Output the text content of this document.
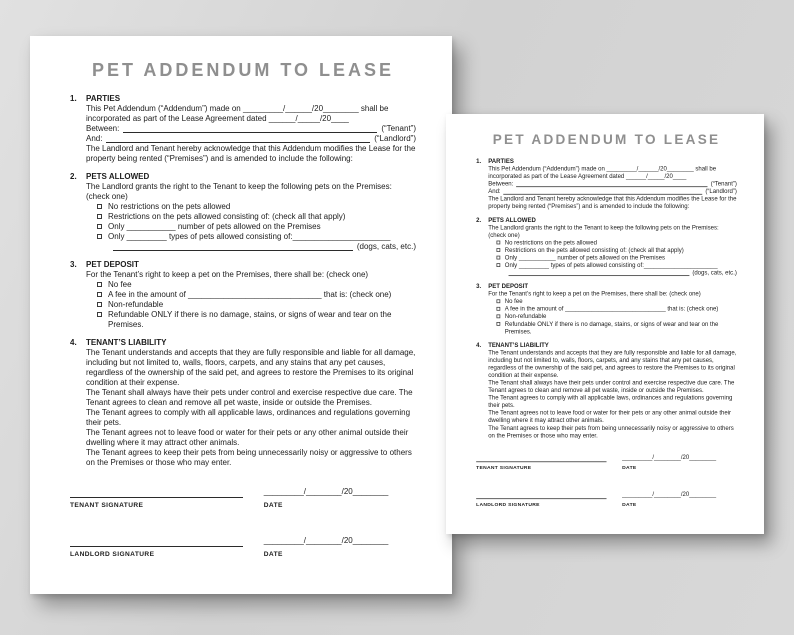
PET ADDENDUM TO LEASE
1.	PARTIES
This Pet Addendum (“Addendum”) made on _________/______/20________ shall be incorporated as part of the Lease Agreement dated ______/_____/20____
Between:	(“Tenant”)
And:	(“Landlord”)
The Landlord and Tenant hereby acknowledge that this Addendum modifies the Lease for the property being rented (“Premises”) and is amended to include the following:
2.	PETS ALLOWED
The Landlord grants the right to the Tenant to keep the following pets on the Premises: (check one)
No restrictions on the pets allowed
Restrictions on the pets allowed consisting of: (check all that apply)
Only ___________ number of pets allowed on the Premises
Only _________ types of pets allowed consisting of:______________________
(dogs, cats, etc.)
3.	PET DEPOSIT
For the Tenant’s right to keep a pet on the Premises, there shall be: (check one)
No fee
A fee in the amount of ______________________________ that is: (check one)
Non-refundable
Refundable ONLY if there is no damage, stains, or signs of wear and tear on the Premises.
4.	TENANT’S LIABILITY
The Tenant understands and accepts that they are fully responsible and liable for all damage, including but not limited to, walls, floors, carpets, and any stains that any pet causes, regardless of the ownership of the said pet, and agrees to restore the Premises to its original condition at their expense.
The Tenant shall always have their pets under control and exercise respective due care. The Tenant agrees to clean and remove all pet waste, inside or outside the Premises.
The Tenant agrees to comply with all applicable laws, ordinances and regulations governing their pets.
The Tenant agrees not to leave food or water for their pets or any other animal outside their dwelling where it may attract other animals.
The Tenant agrees to keep their pets from being unnecessarily noisy or aggressive to others on the Premises or those who may enter.
TENANT SIGNATURE
_________/________/20________
DATE
LANDLORD SIGNATURE
_________/________/20________
DATE
PET ADDENDUM TO LEASE
1. PARTIES
This Pet Addendum (“Addendum”) made on _________/______/20________ shall be incorporated as part of the Lease Agreement dated ______/_____/20____
Between:	(“Tenant”)
And:	(“Landlord”)
The Landlord and Tenant hereby acknowledge that this Addendum modifies the Lease for the property being rented (“Premises”) and is amended to include the following:
2. PETS ALLOWED
The Landlord grants the right to the Tenant to keep the following pets on the Premises: (check one)
No restrictions on the pets allowed
Restrictions on the pets allowed consisting of: (check all that apply)
Only ___________ number of pets allowed on the Premises
Only _________ types of pets allowed consisting of:______________________
(dogs, cats, etc.)
3. PET DEPOSIT
For the Tenant’s right to keep a pet on the Premises, there shall be: (check one)
No fee
A fee in the amount of ______________________________ that is: (check one)
Non-refundable
Refundable ONLY if there is no damage, stains, or signs of wear and tear on the Premises.
4. TENANT’S LIABILITY
The Tenant understands and accepts that they are fully responsible and liable for all damage, including but not limited to, walls, floors, carpets, and any stains that any pet causes, regardless of the ownership of the said pet, and agrees to restore the Premises to its original condition at their expense.
The Tenant shall always have their pets under control and exercise respective due care. The Tenant agrees to clean and remove all pet waste, inside or outside the Premises.
The Tenant agrees to comply with all applicable laws, ordinances and regulations governing their pets.
The Tenant agrees not to leave food or water for their pets or any other animal outside their dwelling where it may attract other animals.
The Tenant agrees to keep their pets from being unnecessarily noisy or aggressive to others on the Premises or those who may enter.
TENANT SIGNATURE
_________/________/20________
DATE
LANDLORD SIGNATURE
_________/________/20________
DATE
